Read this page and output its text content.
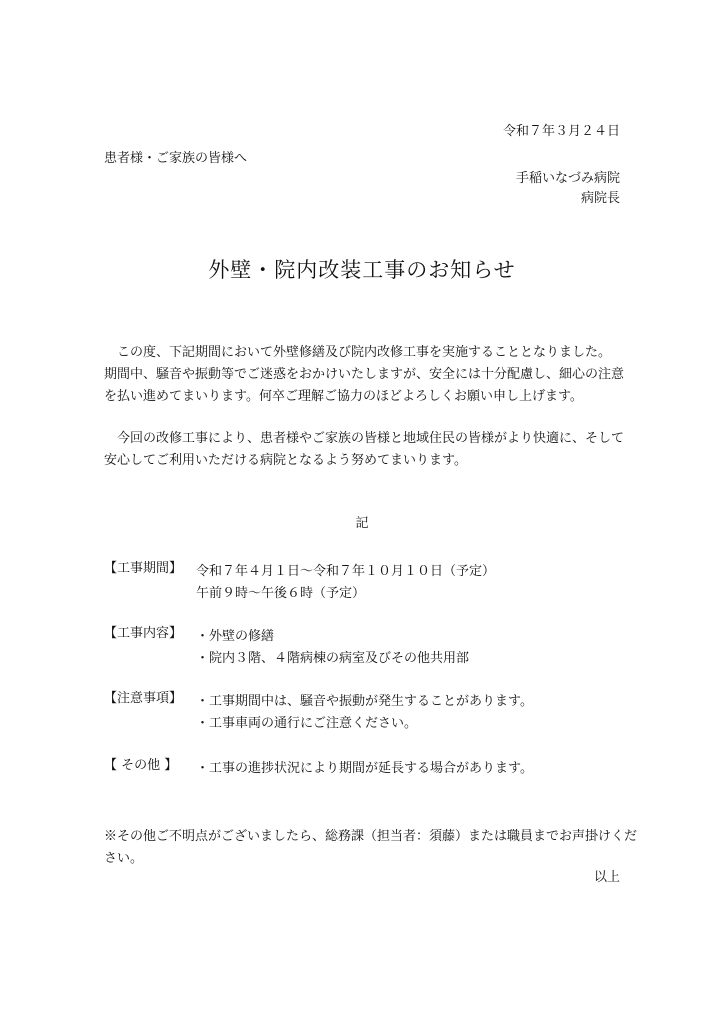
令和７年３月２４日
患者様・ご家族の皆様へ
手稲いなづみ病院
病院長
外壁・院内改装工事のお知らせ

　この度、下記期間において外壁修繕及び院内改修工事を実施することとなりました。

期間中、騒音や振動等でご迷惑をおかけいたしますが、安全には十分配慮し、細心の注意

を払い進めてまいります。何卒ご理解ご協力のほどよろしくお願い申し上げます。

　今回の改修工事により、患者様やご家族の皆様と地域住民の皆様がより快適に、そして

安心してご利用いただける病院となるよう努めてまいります。

記
【工事期間】 令和７年４月１日～令和７年１０月１０日（予定）

午前９時～午後６時（予定）

【工事内容】 ・外壁の修繕

・院内３階、４階病棟の病室及びその他共用部

【注意事項】 ・工事期間中は、騒音や振動が発生することがあります。

・工事車両の通行にご注意ください。

【 その他 】 ・工事の進捗状況により期間が延長する場合があります。

※その他ご不明点がございましたら、総務課（担当者：須藤）または職員までお声掛けくだ

さい。

以上
